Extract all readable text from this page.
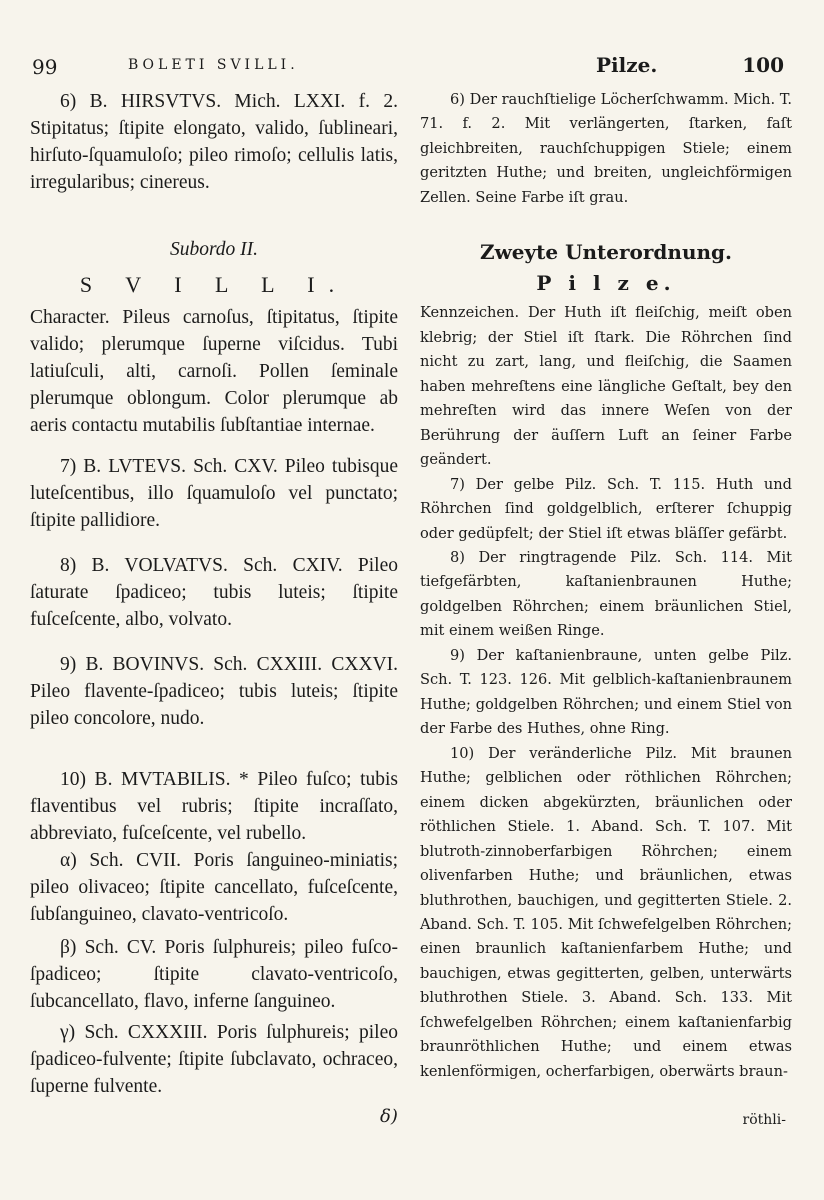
99	BOLETI SVILLI.

6) B. HIRSVTVS. Mich. LXXI. f. 2. Stipitatus; ſtipite elongato, valido, ſublineari, hirſuto-ſquamuloſo; pileo rimoſo; cellulis latis, irregularibus; cinereus.

Subordo II.

S V I L L I.

Character. Pileus carnoſus, ſtipitatus, ſtipite valido; plerumque ſuperne viſcidus. Tubi latiuſculi, alti, carnoſi. Pollen ſeminale plerumque oblongum. Color plerumque ab aeris contactu mutabilis ſubſtantiae internae.

7) B. LVTEVS. Sch. CXV. Pileo tubisque luteſcentibus, illo ſquamuloſo vel punctato; ſtipite pallidiore.

8) B. VOLVATVS. Sch. CXIV. Pileo ſaturate ſpadiceo; tubis luteis; ſtipite fuſceſcente, albo, volvato.

9) B. BOVINVS. Sch. CXXIII. CXXVI. Pileo flavente-ſpadiceo; tubis luteis; ſtipite pileo concolore, nudo.

10) B. MVTABILIS. * Pileo fuſco; tubis flaventibus vel rubris; ſtipite incraſſato, abbreviato, fuſceſcente, vel rubello.

α) Sch. CVII. Poris ſanguineo-miniatis; pileo olivaceo; ſtipite cancellato, fuſceſcente, ſubſanguineo, clavato-ventricoſo.

β) Sch. CV. Poris ſulphureis; pileo fuſco-ſpadiceo; ſtipite clavato-ventricoſo, ſubcancellato, flavo, inferne ſanguineo.

γ) Sch. CXXXIII. Poris ſulphureis; pileo ſpadiceo-fulvente; ſtipite ſubclavato, ochraceo, ſuperne fulvente.

δ)
Pilze.	100

6) Der rauchſtielige Löcherſchwamm. Mich. T. 71. f. 2. Mit verlängerten, ſtarken, faſt gleichbreiten, rauchſchuppigen Stiele; einem geritzten Huthe; und breiten, ungleichförmigen Zellen. Seine Farbe iſt grau.

Zweyte Unterordnung.

P i l z e.

Kennzeichen. Der Huth iſt fleiſchig, meiſt oben klebrig; der Stiel iſt ſtark. Die Röhrchen ſind nicht zu zart, lang, und fleiſchig, die Saamen haben mehreſtens eine längliche Geſtalt, bey den mehreſten wird das innere Weſen von der Berührung der äuſſern Luft an ſeiner Farbe geändert.

7) Der gelbe Pilz. Sch. T. 115. Huth und Röhrchen ſind goldgelblich, erſterer ſchuppig oder gedüpfelt; der Stiel iſt etwas bläſſer gefärbt.

8) Der ringtragende Pilz. Sch. 114. Mit tiefgefärbten, kaſtanienbraunen Huthe; goldgelben Röhrchen; einem bräunlichen Stiel, mit einem weißen Ringe.

9) Der kaſtanienbraune, unten gelbe Pilz. Sch. T. 123. 126. Mit gelblich-kaſtanienbraunem Huthe; goldgelben Röhrchen; und einem Stiel von der Farbe des Huthes, ohne Ring.

10) Der veränderliche Pilz. Mit braunen Huthe; gelblichen oder röthlichen Röhrchen; einem dicken abgekürzten, bräunlichen oder röthlichen Stiele. 1. Aband. Sch. T. 107. Mit blutroth-zinnoberfarbigen Röhrchen; einem olivenfarben Huthe; und bräunlichen, etwas bluthrothen, bauchigen, und gegitterten Stiele. 2. Aband. Sch. T. 105. Mit ſchwefelgelben Röhrchen; einen braunlich kaſtanienfarbem Huthe; und bauchigen, etwas gegitterten, gelben, unterwärts bluthrothen Stiele. 3. Aband. Sch. 133. Mit ſchwefelgelben Röhrchen; einem kaſtanienfarbig braunröthlichen Huthe; und einem etwas kenlenförmigen, ocherfarbigen, oberwärts braun-

röthli-
